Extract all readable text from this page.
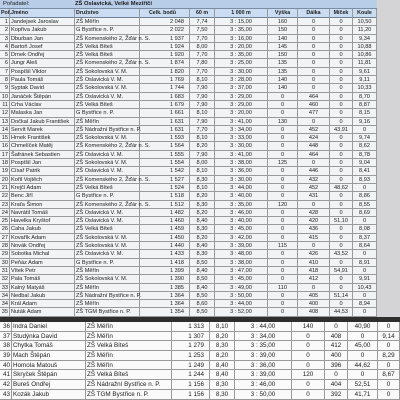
Pořadatel:	ZŠ Oslavická, Velké Meziříčí
Poř. Jméno	Družstvo	Celk. bodů	60 m	1 000 m	Výška	Dálka	Míček	Koule
1 Jandejsek Jaroslav	ZŠ Měřín	2 048	7,74	3 : 15,00	160	0	0	10,50
2 Kopřiva Jakub	G Bystřice n. P.	2 022	7,50	3 : 35,00	150	0	0	11,20
3 Dburban Jan	ZŠ Komenského 2, Žďár n. S.	1 937	7,70	3 : 16,00	140	0	0	9,34
4 Bartoň Josef	ZŠ Velká Bíteš	1 924	8,00	3 : 20,00	145	0	0	10,88
5 Drnek Ondřej	ZŠ Velká Bíteš	1 920	7,70	3 : 35,00	150	0	0	10,86
6 Jungr Aleš	ZŠ Komenského 2, Žďár n. S.	1 874	7,80	3 : 25,00	135	0	0	11,81
7 Pospíšil Viktor	ZŠ Sokolovská V. M.	1 820	7,70	3 : 30,00	135	0	0	9,61
8 Paula Tomáš	ZŠ Oslavická V. M.	1 769	8,10	3 : 28,00	140	0	0	9,11
9 Syptak David	ZŠ Sokolovská V. M.	1 744	7,90	3 : 37,00	140	0	0	10,33
10 Janáček Štěpán	ZŠ Oslavická V. M.	1 683	7,90	3 : 29,00	0	464	0	8,70
11 Crha Václav	ZŠ Velká Bíteš	1 679	7,90	3 : 29,00	0	460	0	8,87
12 Malaska Jan	G Bystřice n. P.	1 661	8,10	3 : 20,00	0	477	0	8,15
13 Dočkal Jakub František	ZŠ Měřín	1 631	7,90	3 : 41,00	130	0	0	9,16
14 Servít Marek	ZŠ Nádražní Bystřice n. P.	1 631	7,70	3 : 34,00	0	452	43,91	0
15 Hrnek František	ZŠ Sokolovská V. M.	1 593	8,10	3 : 33,00	0	424	0	9,74
16 Chmelíček Matěj	ZŠ Komenského 2, Žďár n. S.	1 564	8,20	3 : 30,00	0	448	0	8,62
17 Šafránek Sebastien	ZŠ Oslavická V. M.	1 555	7,90	3 : 41,00	0	464	0	8,78
18 Pospíšil Jan	ZŠ Sokolovská V. M.	1 554	8,00	3 : 38,00	125	0	0	9,04
19 Císař Patrik	ZŠ Oslavická V. M.	1 542	8,10	3 : 36,00	0	446	0	8,41
20 Kořil Vojtěch	ZŠ Komenského 2, Žďár n. S.	1 527	8,30	3 : 30,00	0	432	0	8,93
21 Krejčí Adam	ZŠ Velká Bíteš	1 524	8,10	3 : 44,00	0	452	48,62	0
22 Benc Jiří	G Bystřice n. P.	1 518	8,20	3 : 40,00	0	431	0	8,86
23 Kraťa Šimon	ZŠ Komenského 2, Žďár n. S.	1 512	8,30	3 : 35,00	120	0	0	8,55
24 Navrátil Tomáš	ZŠ Oslavická V. M.	1 482	8,20	3 : 46,00	0	428	0	8,69
25 Havelka Kryštof	ZŠ Oslavická V. M.	1 460	8,40	3 : 40,00	0	420	51,10	0
26 Caha Jakub	ZŠ Velká Bíteš	1 459	8,30	3 : 45,00	0	436	0	8,08
27 Kovařík Adam	ZŠ Sokolovská V. M.	1 450	8,20	3 : 42,00	0	415	0	8,37
28 Novák Ondřej	ZŠ Sokolovská V. M.	1 440	8,40	3 : 39,00	115	0	0	8,64
29 Sobotka Michal	ZŠ Oslavická V. M.	1 433	8,30	3 : 48,00	0	426	43,52	0
30 Peňáz Adam	G Bystřice n. P.	1 418	8,50	3 : 38,00	0	410	0	8,91
31 Vítek Petr	ZŠ Měřín	1 399	8,40	3 : 47,00	0	418	54,91	0
32 Pala Tomáš	ZŠ Sokolovská V. M.	1 390	8,50	3 : 45,00	0	412	0	9,91
33 Kalný Matyáš	ZŠ Měřín	1 385	8,40	3 : 49,00	110	0	0	10,43
34 Nedbal Jakub	ZŠ Nádražní Bystřice n. P.	1 364	8,50	3 : 50,00	0	405	51,14	0
34 Král Adam	ZŠ Měřín	1 364	8,60	3 : 44,00	0	400	0	8,94
35 Nuták Adam	ZŠ TGM Bystřice n. P.	1 354	8,50	3 : 52,00	0	408	44,53	0
36 Indra Daniel	ZŠ Měřín	1 313	8,10	3 : 44,00	140	0	40,90	0
37 Studýnka David	ZŠ Měřín	1 307	8,20	3 : 34,00	0	408	0	9,14
38 Chytka Tomáš	ZŠ Velká Bíteš	1 279	8,30	3 : 35,00	0	412	45,00	0
39 Mach Štěpán	ZŠ Měřín	1 253	8,20	3 : 39,00	0	400	0	8,29
40 Homola Matouš	ZŠ Měřín	1 249	8,40	3 : 36,00	0	396	44,62	0
41 Skryček Štěpán	ZŠ Velká Bíteš	1 244	8,40	3 : 39,00	120	0	0	8,67
42 Bureš Ondřej	ZŠ Nádražní Bystřice n. P.	1 156	8,30	3 : 46,00	0	404	52,51	0
43 Kozák Jakub	ZŠ TGM Bystřice n. P.	1 156	8,30	3 : 50,00	0	392	41,71	0
